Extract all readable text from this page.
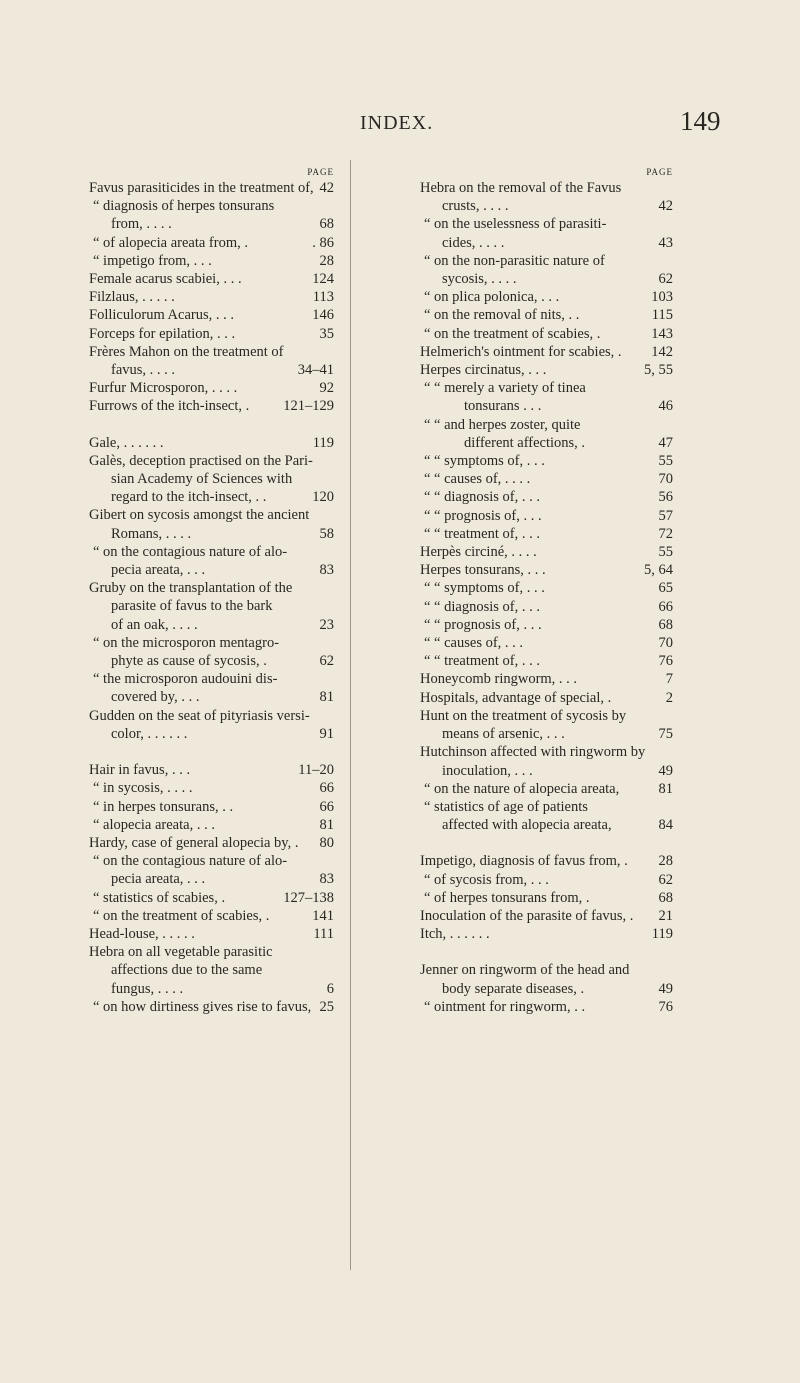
INDEX.	149
PAGE
Favus parasiticides in the treatment of, 42
“ diagnosis of herpes tonsurans
from, . . . .	68
“ of alopecia areata from, .	. 86
“ impetigo from, . . .	28
Female acarus scabiei, . . .	124
Filzlaus, . . . . .	113
Folliculorum Acarus, . . .	146
Forceps for epilation, . . .	35
Frères Mahon on the treatment of
favus, . . . .	34–41
Furfur Microsporon, . . . .	92
Furrows of the itch-insect, .	121–129
Gale, . . . . . .	119
Galès, deception practised on the Pari-
sian Academy of Sciences with
regard to the itch-insect, . .	120
Gibert on sycosis amongst the ancient
Romans, . . . .	58
“ on the contagious nature of alo-
pecia areata, . . .	83
Gruby on the transplantation of the
parasite of favus to the bark
of an oak, . . . .	23
“ on the microsporon mentagro-
phyte as cause of sycosis, .	62
“ the microsporon audouini dis-
covered by, . . .	81
Gudden on the seat of pityriasis versi-
color, . . . . . .	91
Hair in favus, . . .	11–20
“ in sycosis, . . . .	66
“ in herpes tonsurans, . .	66
“ alopecia areata, . . .	81
Hardy, case of general alopecia by, .	80
“ on the contagious nature of alo-
pecia areata, . . .	83
“ statistics of scabies, .	127–138
“ on the treatment of scabies, .	141
Head-louse, . . . . .	111
Hebra on all vegetable parasitic
affections due to the same
fungus, . . . .	6
“ on how dirtiness gives rise to favus, 25
PAGE
Hebra on the removal of the Favus
crusts, . . . .	42
“ on the uselessness of parasiti-
cides, . . . .	43
“ on the non-parasitic nature of
sycosis, . . . .	62
“ on plica polonica, . . .	103
“ on the removal of nits, . .	115
“ on the treatment of scabies, .	143
Helmerich's ointment for scabies, .	142
Herpes circinatus, . . .	5, 55
“ “ merely a variety of tinea
tonsurans . . .	46
“ “ and herpes zoster, quite
different affections, .	47
“ “ symptoms of, . . .	55
“ “ causes of, . . . .	70
“ “ diagnosis of, . . .	56
“ “ prognosis of, . . .	57
“ “ treatment of, . . .	72
Herpès circiné, . . . .	55
Herpes tonsurans, . . .	5, 64
“ “ symptoms of, . . .	65
“ “ diagnosis of, . . .	66
“ “ prognosis of, . . .	68
“ “ causes of, . . .	70
“ “ treatment of, . . .	76
Honeycomb ringworm, . . .	7
Hospitals, advantage of special, .	2
Hunt on the treatment of sycosis by
means of arsenic, . . .	75
Hutchinson affected with ringworm by
inoculation, . . .	49
“ on the nature of alopecia areata,	81
“ statistics of age of patients
affected with alopecia areata,	84
Impetigo, diagnosis of favus from, .	28
“ of sycosis from, . . .	62
“ of herpes tonsurans from, .	68
Inoculation of the parasite of favus, .	21
Itch, . . . . . .	119
Jenner on ringworm of the head and
body separate diseases, .	49
“ ointment for ringworm, . .	76
